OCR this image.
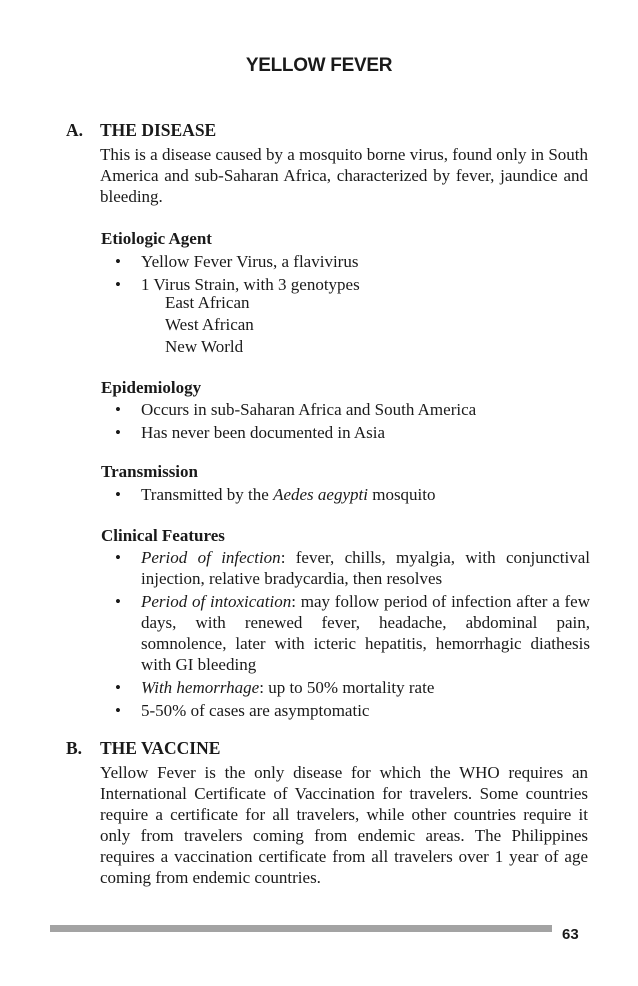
YELLOW FEVER
A. THE DISEASE
This is a disease caused by a mosquito borne virus, found only in South America and sub-Saharan Africa, characterized by fever, jaundice and bleeding.
Etiologic Agent
• Yellow Fever Virus, a flavivirus
• 1 Virus Strain, with 3 genotypes
East African
West African
New World
Epidemiology
• Occurs in sub-Saharan Africa and South America
• Has never been documented in Asia
Transmission
• Transmitted by the Aedes aegypti mosquito
Clinical Features
• Period of infection: fever, chills, myalgia, with conjunctival injection, relative bradycardia, then resolves
• Period of intoxication: may follow period of infection after a few days, with renewed fever, headache, abdominal pain, somnolence, later with icteric hepatitis, hemorrhagic diathesis with GI bleeding
• With hemorrhage: up to 50% mortality rate
• 5-50% of cases are asymptomatic
B. THE VACCINE
Yellow Fever is the only disease for which the WHO requires an International Certificate of Vaccination for travelers. Some countries require a certificate for all travelers, while other countries require it only from travelers coming from endemic areas. The Philippines requires a vaccination certificate from all travelers over 1 year of age coming from endemic countries.
63
